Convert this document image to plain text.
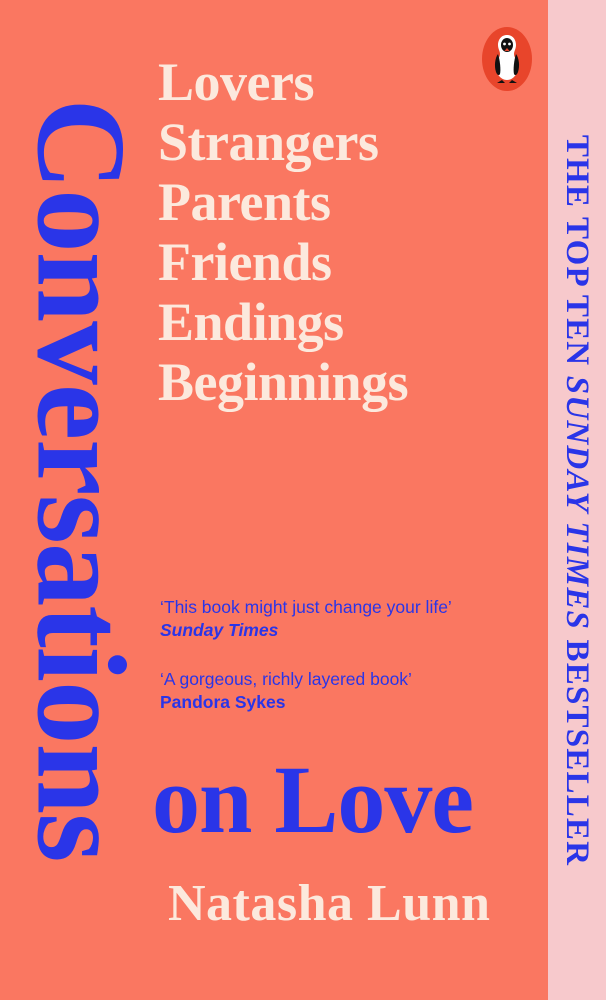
THE TOP TEN SUNDAY TIMES BESTSELLER
Conversations
Lovers
Strangers
Parents
Friends
Endings
Beginnings
‘This book might just change your life’
Sunday Times
‘A gorgeous, richly layered book’
Pandora Sykes
on Love
Natasha Lunn
